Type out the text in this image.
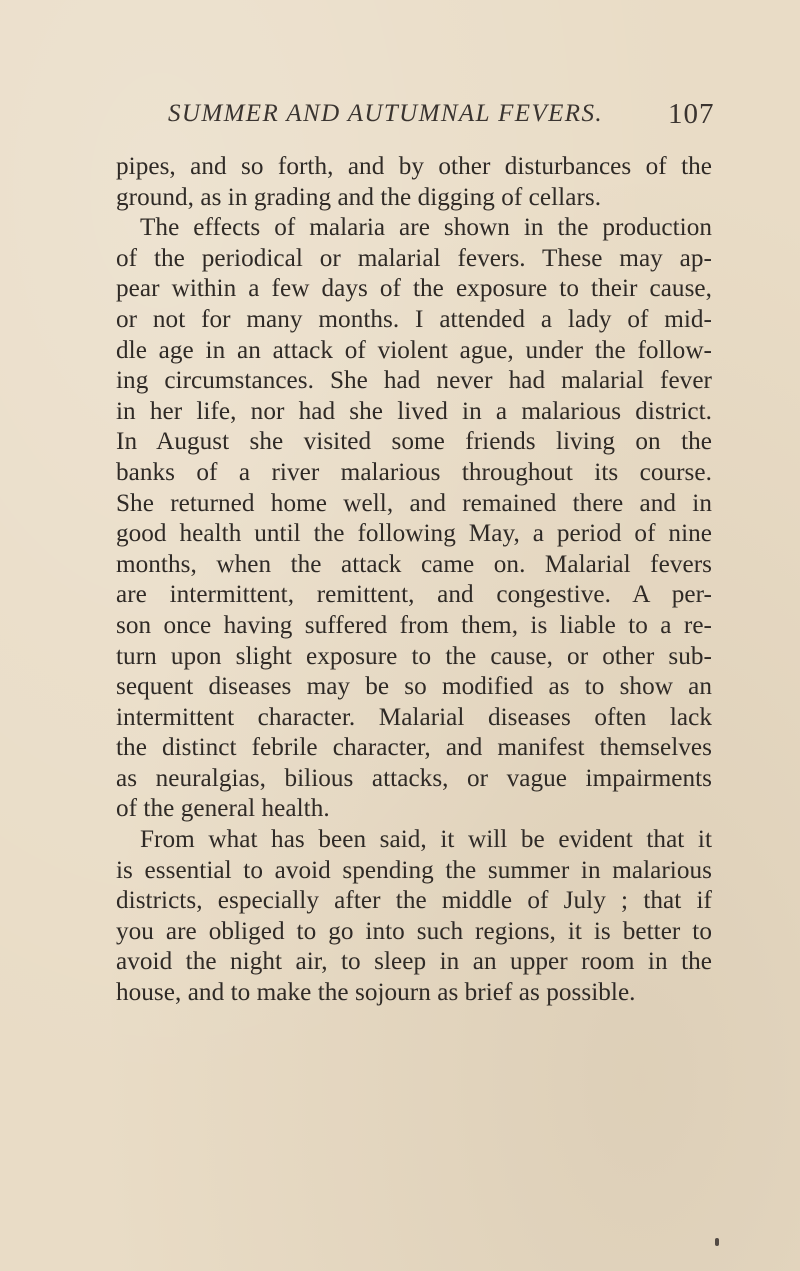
SUMMER AND AUTUMNAL FEVERS. 107
pipes, and so forth, and by other disturbances of the
ground, as in grading and the digging of cellars.
The effects of malaria are shown in the production
of the periodical or malarial fevers. These may ap-
pear within a few days of the exposure to their cause,
or not for many months. I attended a lady of mid-
dle age in an attack of violent ague, under the follow-
ing circumstances. She had never had malarial fever
in her life, nor had she lived in a malarious district.
In August she visited some friends living on the
banks of a river malarious throughout its course.
She returned home well, and remained there and in
good health until the following May, a period of nine
months, when the attack came on. Malarial fevers
are intermittent, remittent, and congestive. A per-
son once having suffered from them, is liable to a re-
turn upon slight exposure to the cause, or other sub-
sequent diseases may be so modified as to show an
intermittent character. Malarial diseases often lack
the distinct febrile character, and manifest themselves
as neuralgias, bilious attacks, or vague impairments
of the general health.
From what has been said, it will be evident that it
is essential to avoid spending the summer in malarious
districts, especially after the middle of July ; that if
you are obliged to go into such regions, it is better to
avoid the night air, to sleep in an upper room in the
house, and to make the sojourn as brief as possible.
